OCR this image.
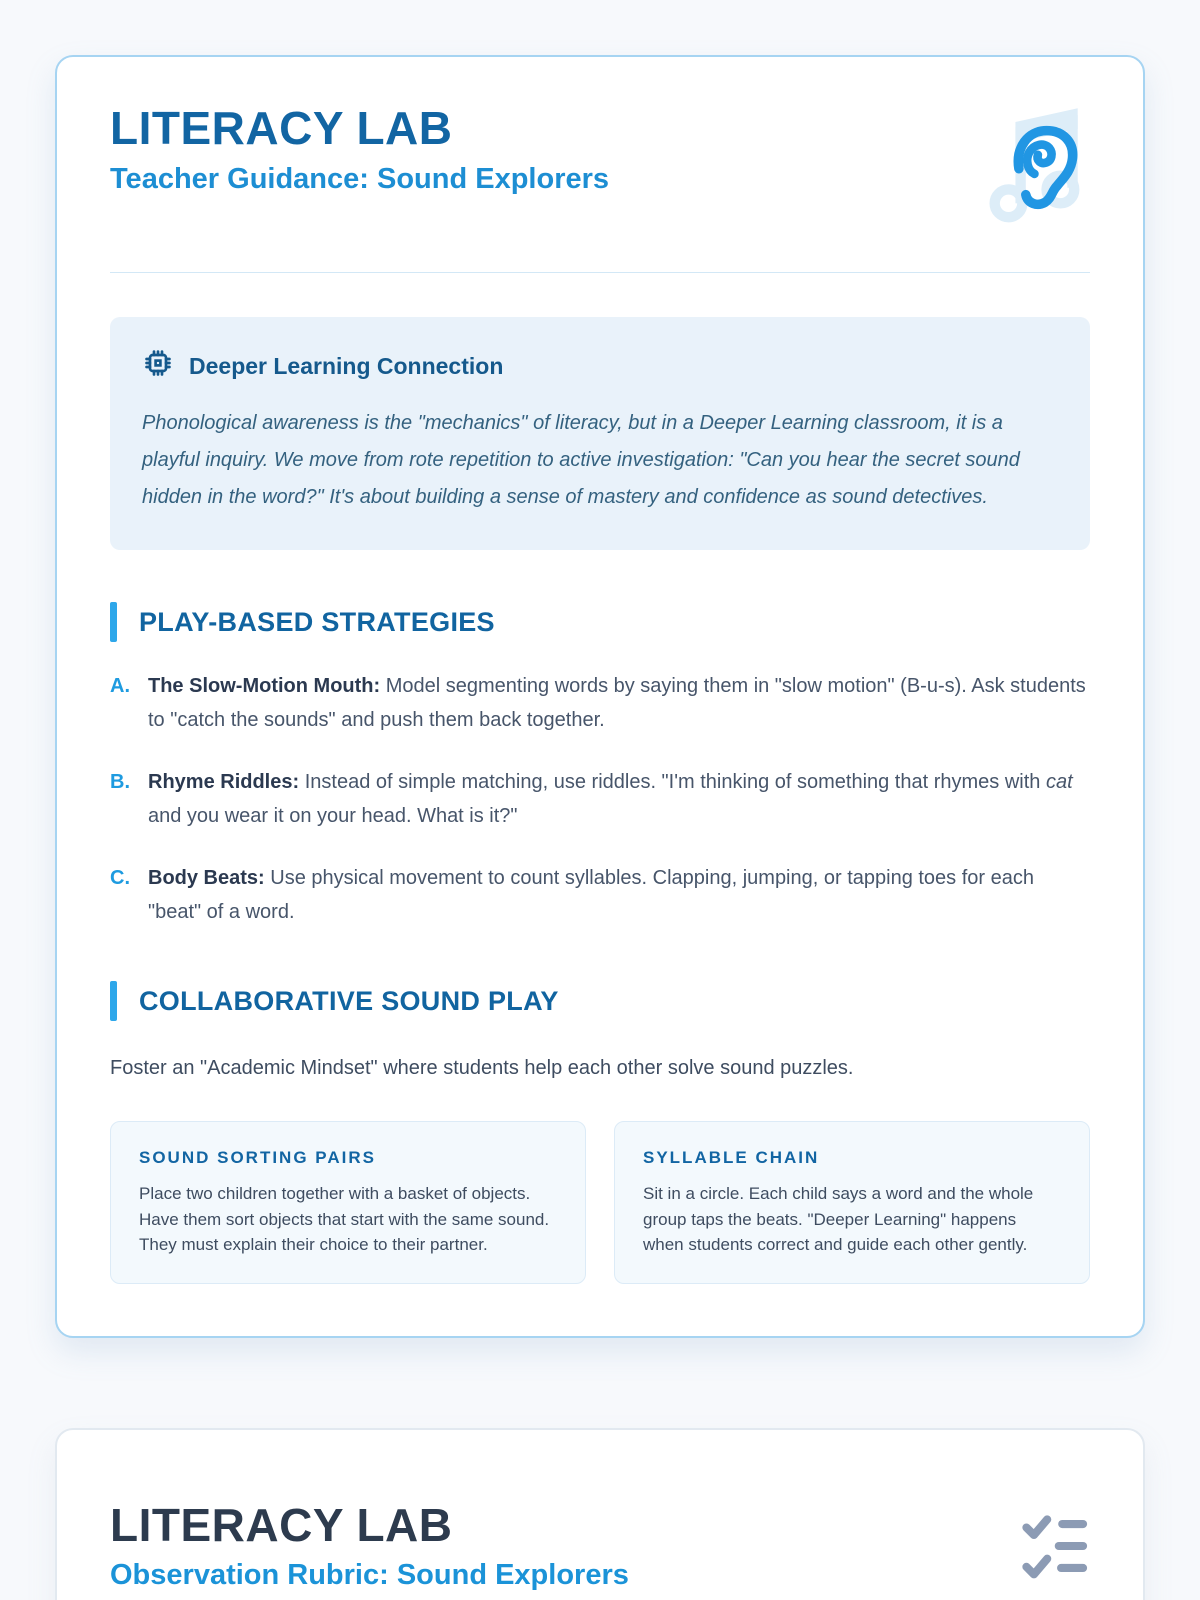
LITERACY LAB
Teacher Guidance: Sound Explorers
Deeper Learning Connection
Phonological awareness is the "mechanics" of literacy, but in a Deeper Learning classroom, it is a playful inquiry. We move from rote repetition to active investigation: "Can you hear the secret sound hidden in the word?" It's about building a sense of mastery and confidence as sound detectives.
PLAY-BASED STRATEGIES
A. The Slow-Motion Mouth: Model segmenting words by saying them in "slow motion" (B-u-s). Ask students to "catch the sounds" and push them back together.
B. Rhyme Riddles: Instead of simple matching, use riddles. "I'm thinking of something that rhymes with cat and you wear it on your head. What is it?"
C. Body Beats: Use physical movement to count syllables. Clapping, jumping, or tapping toes for each "beat" of a word.
COLLABORATIVE SOUND PLAY
Foster an "Academic Mindset" where students help each other solve sound puzzles.
SOUND SORTING PAIRS
Place two children together with a basket of objects. Have them sort objects that start with the same sound. They must explain their choice to their partner.
SYLLABLE CHAIN
Sit in a circle. Each child says a word and the whole group taps the beats. "Deeper Learning" happens when students correct and guide each other gently.
LITERACY LAB
Observation Rubric: Sound Explorers
